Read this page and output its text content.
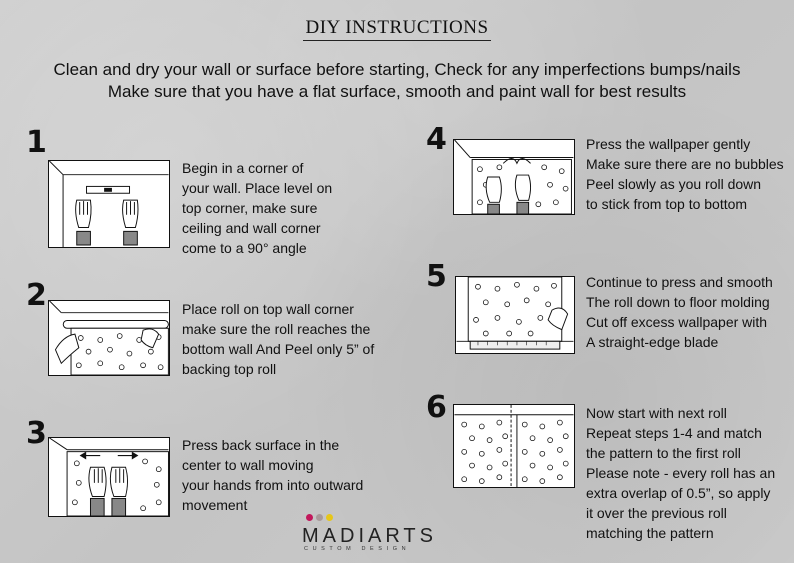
DIY INSTRUCTIONS
Clean and dry your wall or surface before starting, Check for any imperfections bumps/nails
Make sure that you have a flat surface, smooth and paint wall for best results
1
Begin in a corner of
your wall. Place level on
top corner, make sure
ceiling and wall corner
come to a 90° angle
2	Place roll on top wall corner
make sure the roll reaches the
bottom wall And Peel only 5” of
backing top roll
3	Press back surface in the
center to wall moving
your hands from into outward
movement
4	Press the wallpaper gently
Make sure there are no bubbles
Peel slowly as you roll down
to stick from top to bottom
5	Continue to press and smooth
The roll down to floor molding
Cut off excess wallpaper with
A straight-edge blade
6	Now start with next roll
Repeat steps 1-4 and match
the pattern to the first roll
Please note - every roll has an
extra overlap of 0.5”, so apply
it over the previous roll
matching the pattern
MADIARTS
CUSTOM DESIGN
